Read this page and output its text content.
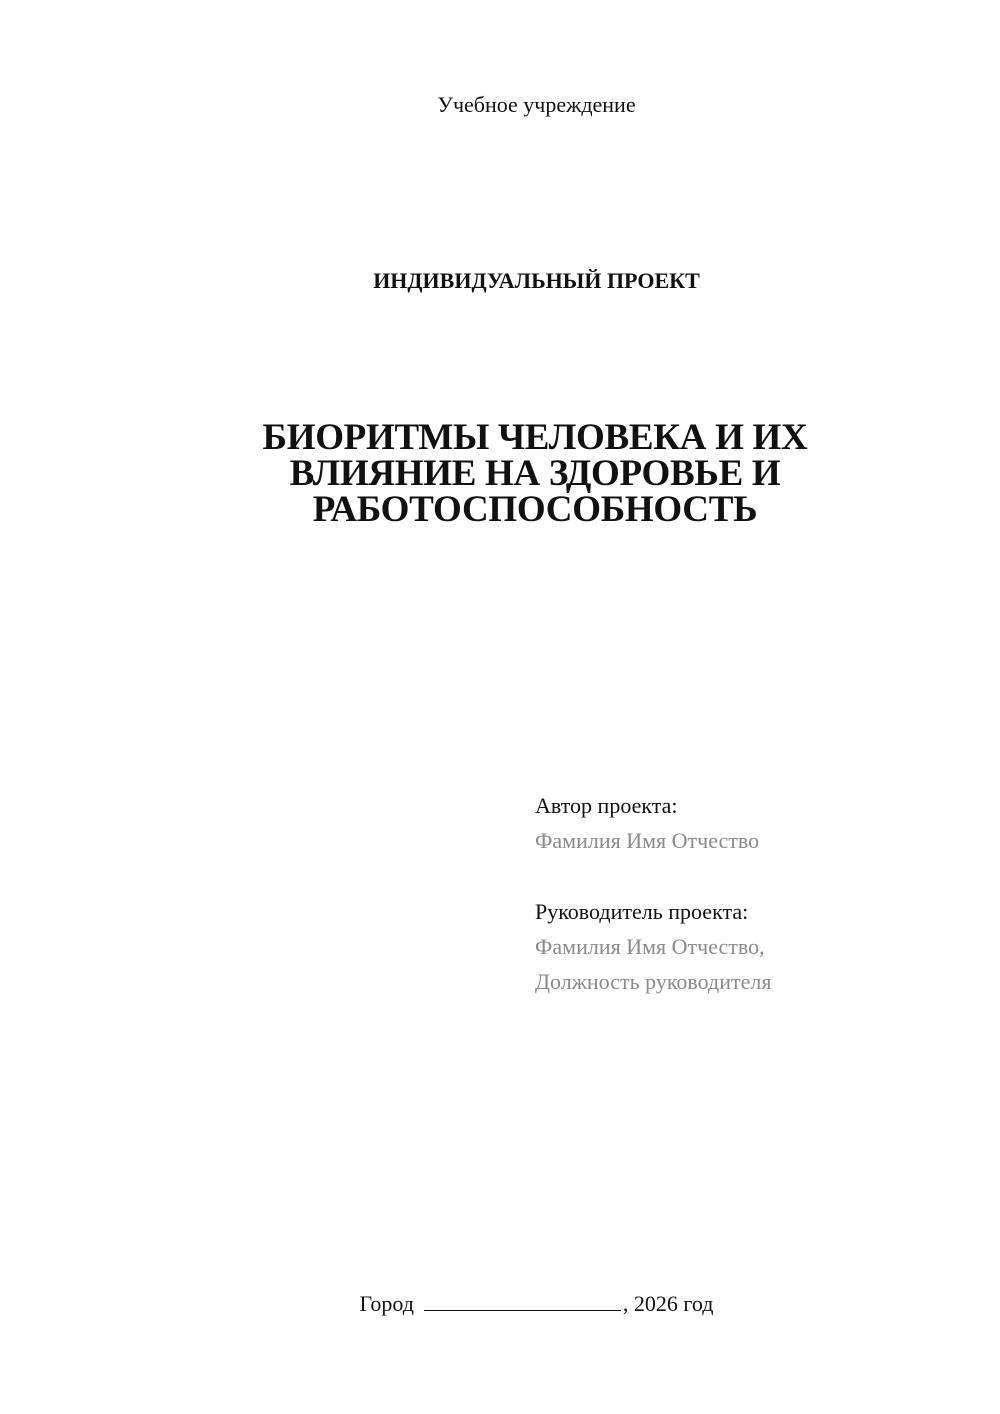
Учебное учреждение
ИНДИВИДУАЛЬНЫЙ ПРОЕКТ
БИОРИТМЫ ЧЕЛОВЕКА И ИХ
ВЛИЯНИЕ НА ЗДОРОВЬЕ И
РАБОТОСПОСОБНОСТЬ
Автор проекта:
Фамилия Имя Отчество
Руководитель проекта:
Фамилия Имя Отчество,
Должность руководителя
Город	, 2026 год
